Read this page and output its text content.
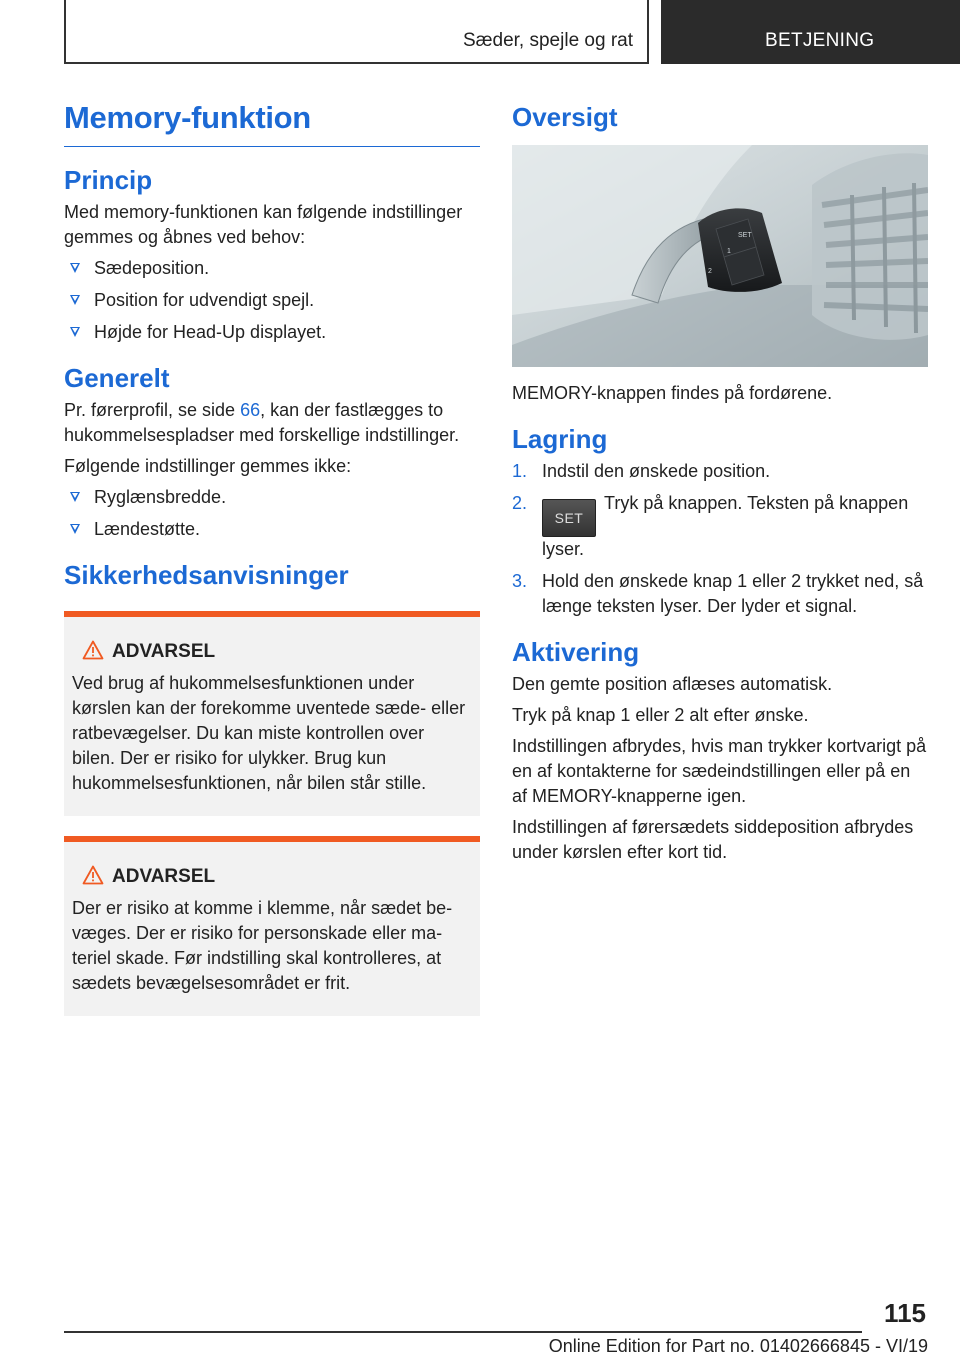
Sæder, spejle og rat	BETJENING
Memory-funktion
Princip

Med memory-funktionen kan følgende indstillinger gemmes og åbnes ved behov:

Sædeposition.
Position for udvendigt spejl.
Højde for Head-Up displayet.
Generelt

Pr. førerprofil, se side 66, kan der fastlægges to hukommelsespladser med forskellige indstillinger.

Følgende indstillinger gemmes ikke:

Ryglænsbredde.
Lændestøtte.
Sikkerhedsanvisninger
ADVARSEL

Ved brug af hukommelsesfunktionen under kørslen kan der forekomme uventede sæde- eller ratbevægelser. Du kan miste kontrollen over bilen. Der er risiko for ulykker. Brug kun hukommelsesfunktionen, når bilen står stille.

ADVARSEL

Der er risiko at komme i klemme, når sædet bevæges. Der er risiko for personskade eller materiel skade. Før indstilling skal kontrolleres, at sædets bevægelsesområdet er frit.

Oversigt
SET
1
2

MEMORY-knappen findes på fordørene.

Lagring
1. Indstil den ønskede position.
2.
SETTryk på knappen. Teksten på knappen lyser.
3. Hold den ønskede knap 1 eller 2 trykket ned, så længe teksten lyser. Der lyder et signal.
Aktivering

Den gemte position aflæses automatisk.

Tryk på knap 1 eller 2 alt efter ønske.

Indstillingen afbrydes, hvis man trykker kortvarigt på en af kontakterne for sædeindstillingen eller på en af MEMORY-knapperne igen.

Indstillingen af førersædets siddeposition afbrydes under kørslen efter kort tid.

115
Online Edition for Part no. 01402666845 - VI/19
